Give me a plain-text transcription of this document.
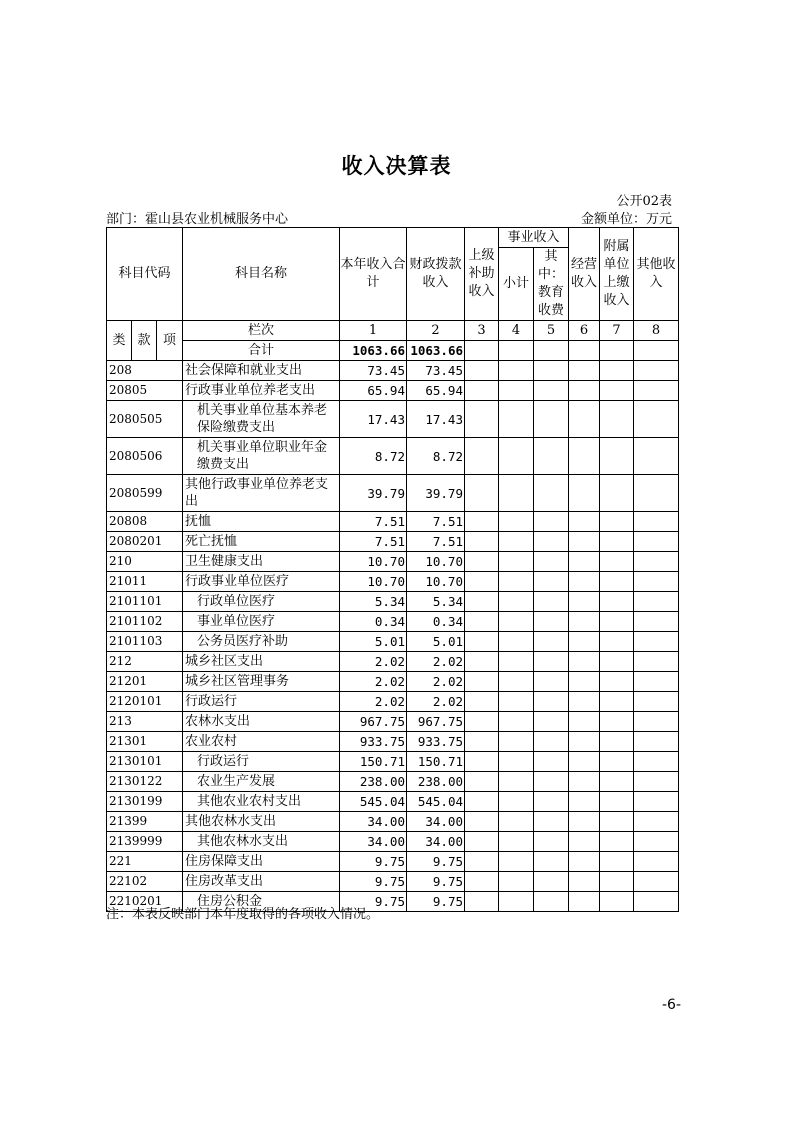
收入决算表
公开02表
部门：霍山县农业机械服务中心	金额单位：万元
科目代码			科目名称	本年收入合计	财政拨款收入	上级补助收入	事业收入		经营收入	附属单位上缴收入	其他收入
							小计	其中：教育收费			

类	款	项	栏次	1	2	3	4	5	6	7	8
			合计	1063.66	1063.66						
208			社会保障和就业支出	73.45	73.45						
20805			行政事业单位养老支出	65.94	65.94						
2080505			机关事业单位基本养老保险缴费支出	17.43	17.43						
2080506			机关事业单位职业年金缴费支出	8.72	8.72						
2080599			其他行政事业单位养老支出	39.79	39.79						
20808			抚恤	7.51	7.51						
2080201			死亡抚恤	7.51	7.51						
210			卫生健康支出	10.70	10.70						
21011			行政事业单位医疗	10.70	10.70						
2101101			行政单位医疗	5.34	5.34						
2101102			事业单位医疗	0.34	0.34						
2101103			公务员医疗补助	5.01	5.01						
212			城乡社区支出	2.02	2.02						
21201			城乡社区管理事务	2.02	2.02						
2120101			行政运行	2.02	2.02						
213			农林水支出	967.75	967.75						
21301			农业农村	933.75	933.75						
2130101			行政运行	150.71	150.71						
2130122			农业生产发展	238.00	238.00						
2130199			其他农业农村支出	545.04	545.04						
21399			其他农林水支出	34.00	34.00						
2139999			其他农林水支出	34.00	34.00						
221			住房保障支出	9.75	9.75						
22102			住房改革支出	9.75	9.75						
2210201			住房公积金	9.75	9.75						
注：本表反映部门本年度取得的各项收入情况。
-6-
